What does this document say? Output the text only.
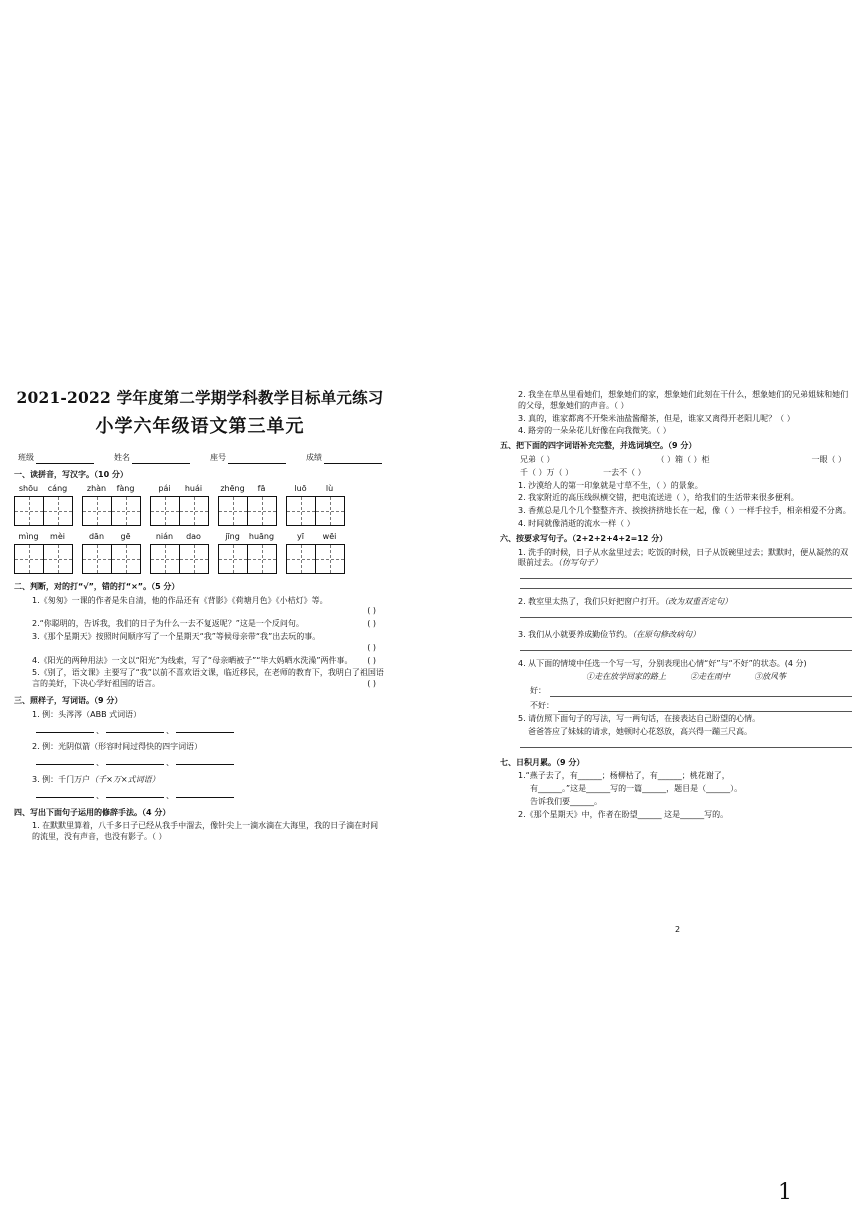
2021-2022 学年度第二学期学科教学目标单元练习
小学六年级语文第三单元
班级	姓名	座号	成绩
一、读拼音，写汉字。（10 分）
shōu	cáng	zhàn	fàng	pái	huái	zhēng	fā	luō	lù
mìng	mèi	dān	gē	nián	dao	jīng	huāng	yī	wēi
二、判断，对的打“√”，错的打“×”。（5 分）
1.《匆匆》一课的作者是朱自清，他的作品还有《背影》《荷塘月色》《小桔灯》等。

( )
2.“你聪明的，告诉我，我们的日子为什么一去不复返呢？”这是一个反问句。	( )
3.《那个星期天》按照时间顺序写了一个星期天“我”等候母亲带“我”出去玩的事。

( )
4.《阳光的两种用法》一文以“阳光”为线索，写了“母亲晒被子”“毕大妈晒水洗澡”两件事。 ( )
5.《别了，语文课》主要写了“我”以前不喜欢语文课，临近移民，在老师的教育下，我明白了祖国语言的美好，下决心学好祖国的语言。	( )
三、照样子，写词语。（9 分）
1. 例：头涔涔（ABB 式词语）
、	、
2. 例：光阴似箭（形容时间过得快的四字词语）
、	、
3. 例：千门万户（千×万×式词语）
、	、
四、写出下面句子运用的修辞手法。（4 分）
1. 在默默里算着，八千多日子已经从我手中溜去，像针尖上一滴水滴在大海里，我的日子滴在时间的流里，没有声音，也没有影子。（ ）
2. 我坐在草丛里看她们，想象她们的家，想象她们此刻在干什么，想象她们的兄弟姐妹和她们的父母，想象她们的声音。（ ）
3. 真的，谁家都离不开柴米油盐酱醋茶，但是，谁家又离得开老阳儿呢？（ ）
4. 路旁的一朵朵花儿好像在向我微笑。（ ）
五、把下面的四字词语补充完整，并选词填空。（9 分）
兄弟（ ）	（ ）箱（ ）柜	一眼（ ）
千（ ）万（ ）	一去不（ ）
1. 沙漠给人的第一印象就是寸草不生，（ ）的景象。
2. 我家附近的高压线纵横交错，把电流送进（ ），给我们的生活带来很多便利。
3. 香蕉总是几个几个整整齐齐、挨挨挤挤地长在一起，像（ ）一样手拉手，相亲相爱不分离。
4. 时间就像消逝的流水一样（ ）
六、按要求写句子。（2+2+2+4+2=12 分）
1. 洗手的时候，日子从水盆里过去；吃饭的时候，日子从饭碗里过去；默默时，便从凝然的双眼前过去。（仿写句子）
2. 教室里太热了，我们只好把窗户打开。（改为双重否定句）
3. 我们从小就要养成勤俭节约。（在原句修改病句）
4. 从下面的情境中任选一个写一写，分别表现出心情“好”与“不好”的状态。(4 分)
①走在放学回家的路上	②走在雨中	③放风筝
好：
不好：
5. 请仿照下面句子的写法，写一两句话，在接表达自己盼望的心情。
爸爸答应了妹妹的请求，她顿时心花怒放，高兴得一蹦三尺高。
七、日积月累。（9 分）
1.“燕子去了，有______；杨柳枯了，有______；桃花谢了，
有______。”这是______写的一篇______，题目是（______）。
告诉我们要______。
2.《那个星期天》中，作者在盼望______ 这是______写的。
2
1
